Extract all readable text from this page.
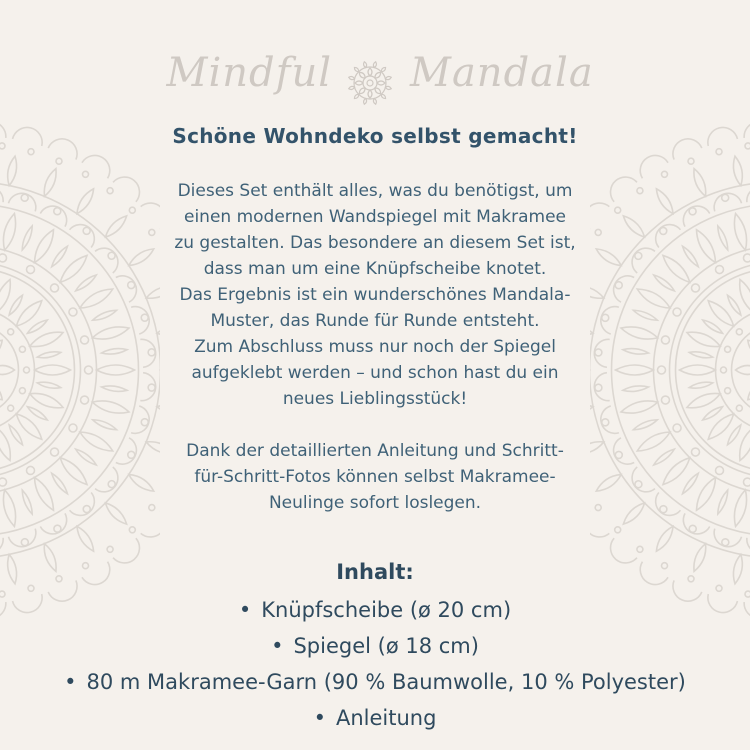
Mindful Mandala
Schöne Wohndeko selbst gemacht!
Dieses Set enthält alles, was du benötigst, um
einen modernen Wandspiegel mit Makramee
zu gestalten. Das besondere an diesem Set ist,
dass man um eine Knüpfscheibe knotet.
Das Ergebnis ist ein wunderschönes Mandala-
Muster, das Runde für Runde entsteht.
Zum Abschluss muss nur noch der Spiegel
aufgeklebt werden – und schon hast du ein
neues Lieblingsstück!
Dank der detaillierten Anleitung und Schritt-
für-Schritt-Fotos können selbst Makramee-
Neulinge sofort loslegen.
Inhalt:
• Knüpfscheibe (ø 20 cm)
• Spiegel (ø 18 cm)
• 80 m Makramee-Garn (90 % Baumwolle, 10 % Polyester)
• Anleitung
